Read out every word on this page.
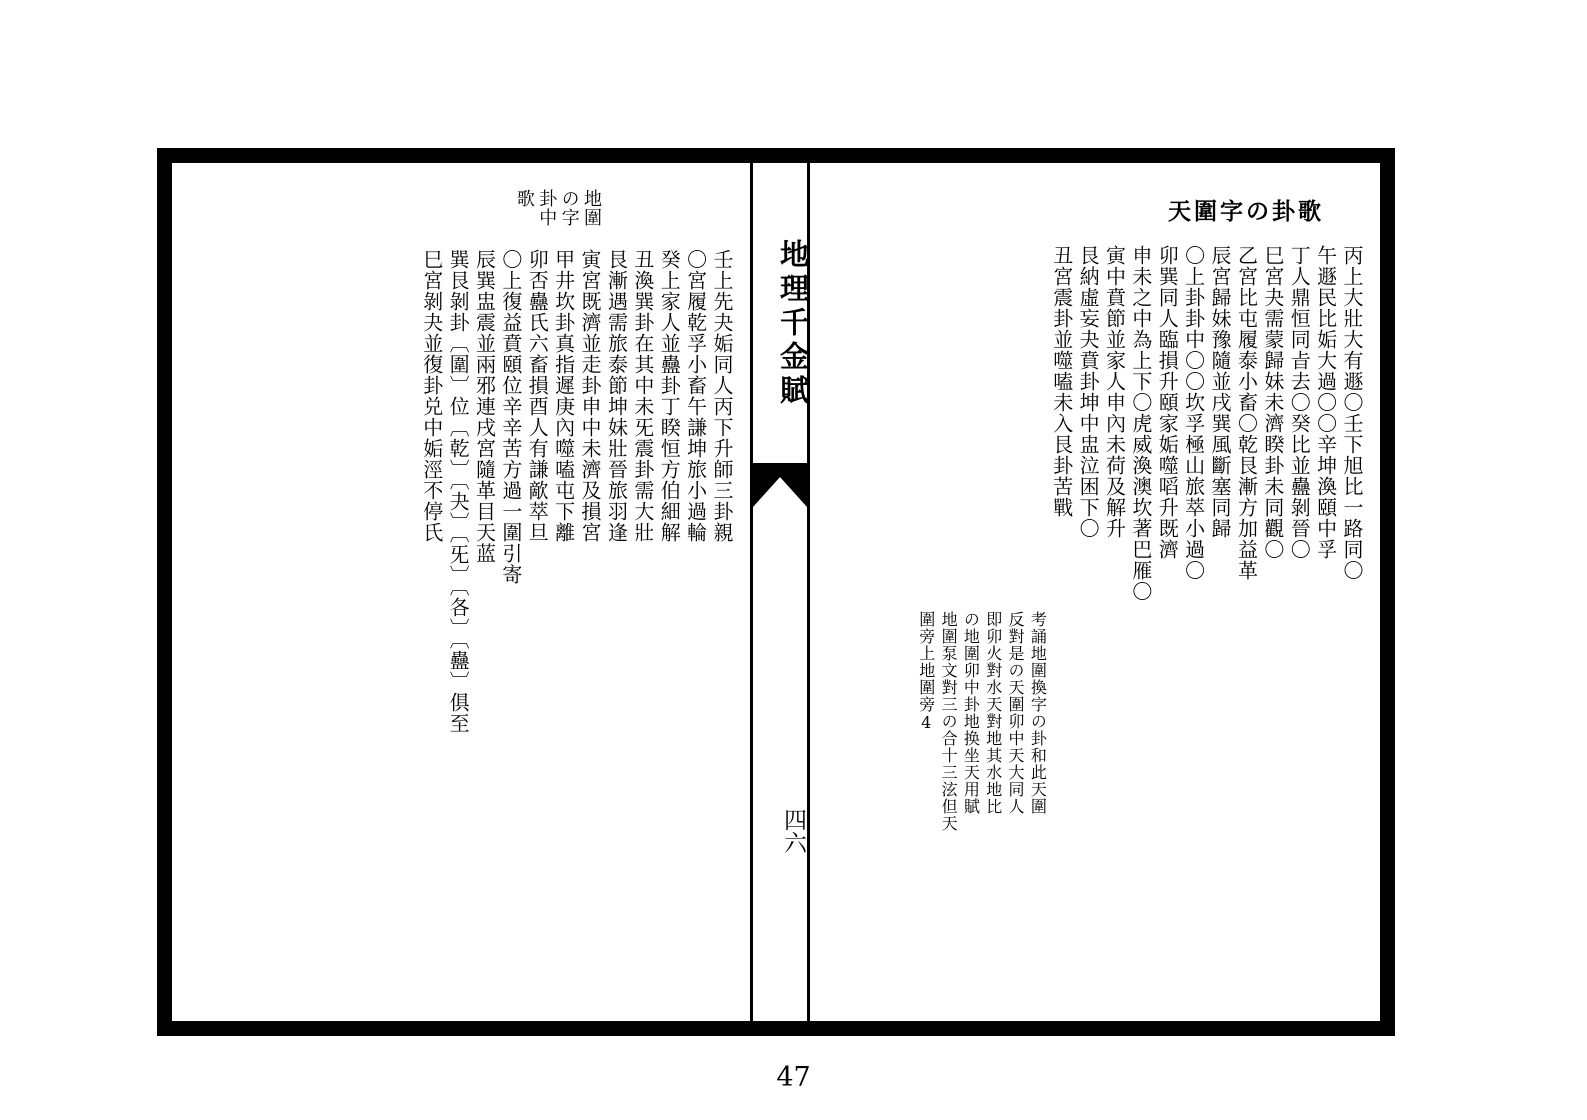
天圍字の卦歌
丙上大壯大有遯〇壬下旭比一路同〇
午遯民比姤大過〇〇辛坤渙頤中孚
丁人鼎恒同㫖去〇癸比並蠱剝晉〇
巳宮夬需蒙歸妹未濟睽卦未同觀〇
乙宮比屯履泰小畜〇乾艮漸方加益革
辰宮歸妹豫隨並戌巽風斷塞同歸
〇上卦卦中〇〇坎孚極山旅萃小過〇
卯巽同人臨損升頤家姤噬㗖升既濟
申未之中為上下〇虎威渙澳坎著巴雁〇
寅中賁節並家人申內未荷及解升
艮納虛妄夬賁卦坤中盅泣困下〇
丑宮震卦並噬嗑未入艮卦苦戰
考誦地圍換字の卦和此天圍
反對是の天圍卯中天大同人
即卯火對水天對地其水地比
の地圍卯中卦地换坐天用賦
地圍泵文對三の合十三泫但天
圍旁上地圍旁4
地理千金賦
四六
地圍
の字
卦中
歌
壬上先夬姤同人丙下升師三卦親
〇宮履乾孚小畜午謙坤旅小過輪
癸上家人並蠱卦丁睽恒方伯細解
丑渙巽卦在其中未旡震卦需大壯
艮漸遇需旅泰節坤妹壯晉旅羽逢
寅宮既濟並走卦申中未濟及損宮
甲井坎卦真指遲庚內噬嗑屯下離
卯否蠱氏六畜損酉人有謙歒萃旦
〇上復益賁頤位辛辛苦方過一圍引寄
辰巽盅震並兩邪連戌宮隨革目天蓝
巽艮剝卦〔圍〕位〔乾〕〔夬〕〔旡〕〔各〕〔蠱〕俱至
巳宮剝夬並復卦兑中姤涇不停氏
47
